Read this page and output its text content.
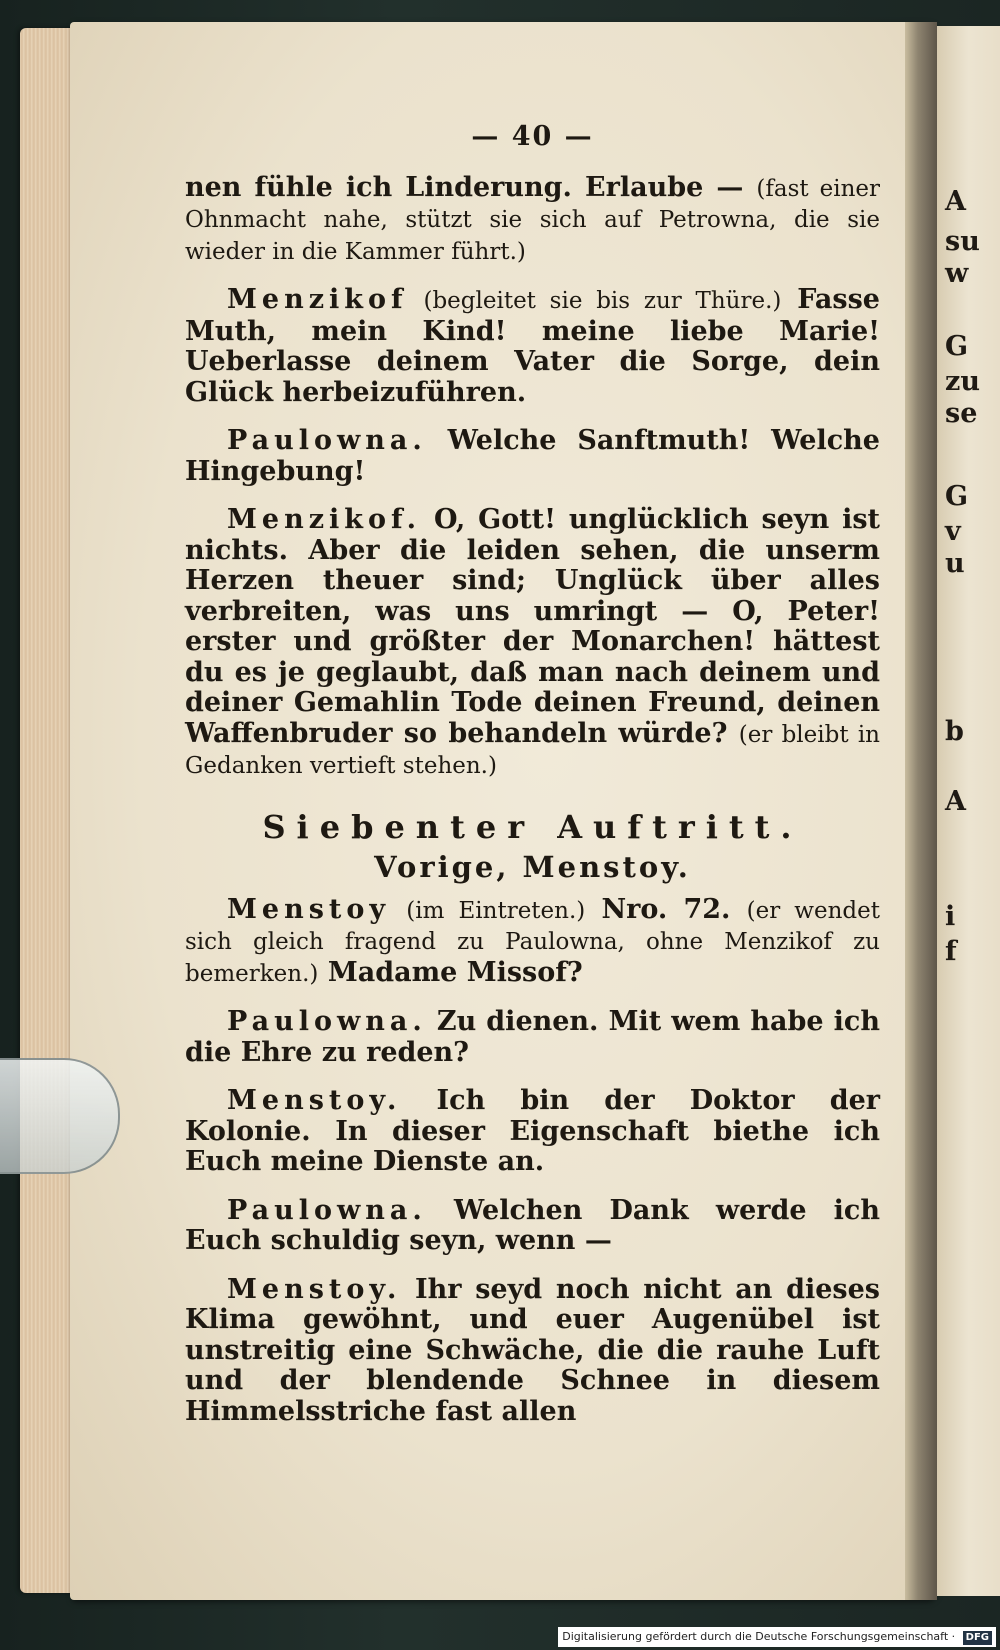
A
su
w
G
zu
se
G
v
u
b
A
i
f
— 40 —

nen fühle ich Linderung. Erlaube — (fast einer Ohnmacht nahe, stützt sie sich auf Petrowna, die sie wieder in die Kammer führt.)

Menzikof (begleitet sie bis zur Thüre.) Fasse Muth, mein Kind! meine liebe Marie! Ueberlasse deinem Vater die Sorge, dein Glück herbeizuführen.

Paulowna. Welche Sanftmuth! Welche Hingebung!

Menzikof. O, Gott! unglücklich seyn ist nichts. Aber die leiden sehen, die unserm Herzen theuer sind; Unglück über alles verbreiten, was uns umringt — O, Peter! erster und größter der Monarchen! hättest du es je geglaubt, daß man nach deinem und deiner Gemahlin Tode deinen Freund, deinen Waffenbruder so behandeln würde? (er bleibt in Gedanken vertieft stehen.)

Siebenter Auftritt.
Vorige, Menstoy.

Menstoy (im Eintreten.) Nro. 72. (er wendet sich gleich fragend zu Paulowna, ohne Menzikof zu bemerken.) Madame Missof?

Paulowna. Zu dienen. Mit wem habe ich die Ehre zu reden?

Menstoy. Ich bin der Doktor der Kolonie. In dieser Eigenschaft biethe ich Euch meine Dienste an.

Paulowna. Welchen Dank werde ich Euch schuldig seyn, wenn —

Menstoy. Ihr seyd noch nicht an dieses Klima gewöhnt, und euer Augenübel ist unstreitig eine Schwäche, die die rauhe Luft und der blendende Schnee in diesem Himmelsstriche fast allen

Digitalisierung gefördert durch die Deutsche Forschungsgemeinschaft · DFG
